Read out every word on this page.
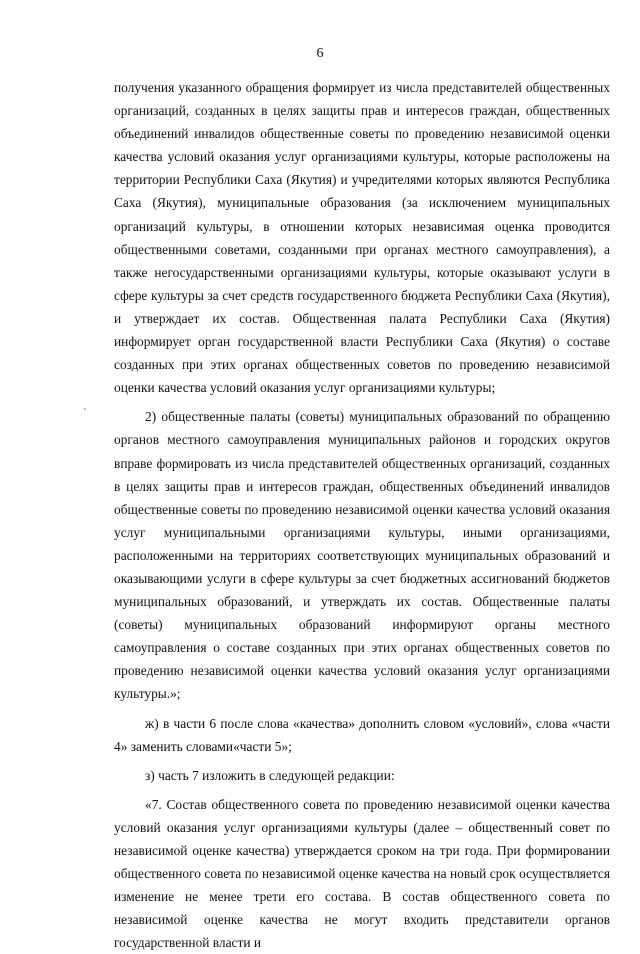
6

получения указанного обращения формирует из числа представителей общественных организаций, созданных в целях защиты прав и интересов граждан, общественных объединений инвалидов общественные советы по проведению независимой оценки качества условий оказания услуг организациями культуры, которые расположены на территории Республики Саха (Якутия) и учредителями которых являются Республика Саха (Якутия), муниципальные образования (за исключением муниципальных организаций культуры, в отношении которых независимая оценка проводится общественными советами, созданными при органах местного самоуправления), а также негосударственными организациями культуры, которые оказывают услуги в сфере культуры за счет средств государственного бюджета Республики Саха (Якутия), и утверждает их состав. Общественная палата Республики Саха (Якутия) информирует орган государственной власти Республики Саха (Якутия) о составе созданных при этих органах общественных советов по проведению независимой оценки качества условий оказания услуг организациями культуры;

2) общественные палаты (советы) муниципальных образований по обращению органов местного самоуправления муниципальных районов и городских округов вправе формировать из числа представителей общественных организаций, созданных в целях защиты прав и интересов граждан, общественных объединений инвалидов общественные советы по проведению независимой оценки качества условий оказания услуг муниципальными организациями культуры, иными организациями, расположенными на территориях соответствующих муниципальных образований и оказывающими услуги в сфере культуры за счет бюджетных ассигнований бюджетов муниципальных образований, и утверждать их состав. Общественные палаты (советы) муниципальных образований информируют органы местного самоуправления о составе созданных при этих органах общественных советов по проведению независимой оценки качества условий оказания услуг организациями культуры.»;

ж) в части 6 после слова «качества» дополнить словом «условий», слова «части 4» заменить словами«части 5»;

з) часть 7 изложить в следующей редакции:

«7. Состав общественного совета по проведению независимой оценки качества условий оказания услуг организациями культуры (далее – общественный совет по независимой оценке качества) утверждается сроком на три года. При формировании общественного совета по независимой оценке качества на новый срок осуществляется изменение не менее трети его состава. В состав общественного совета по независимой оценке качества не могут входить представители органов государственной власти и
